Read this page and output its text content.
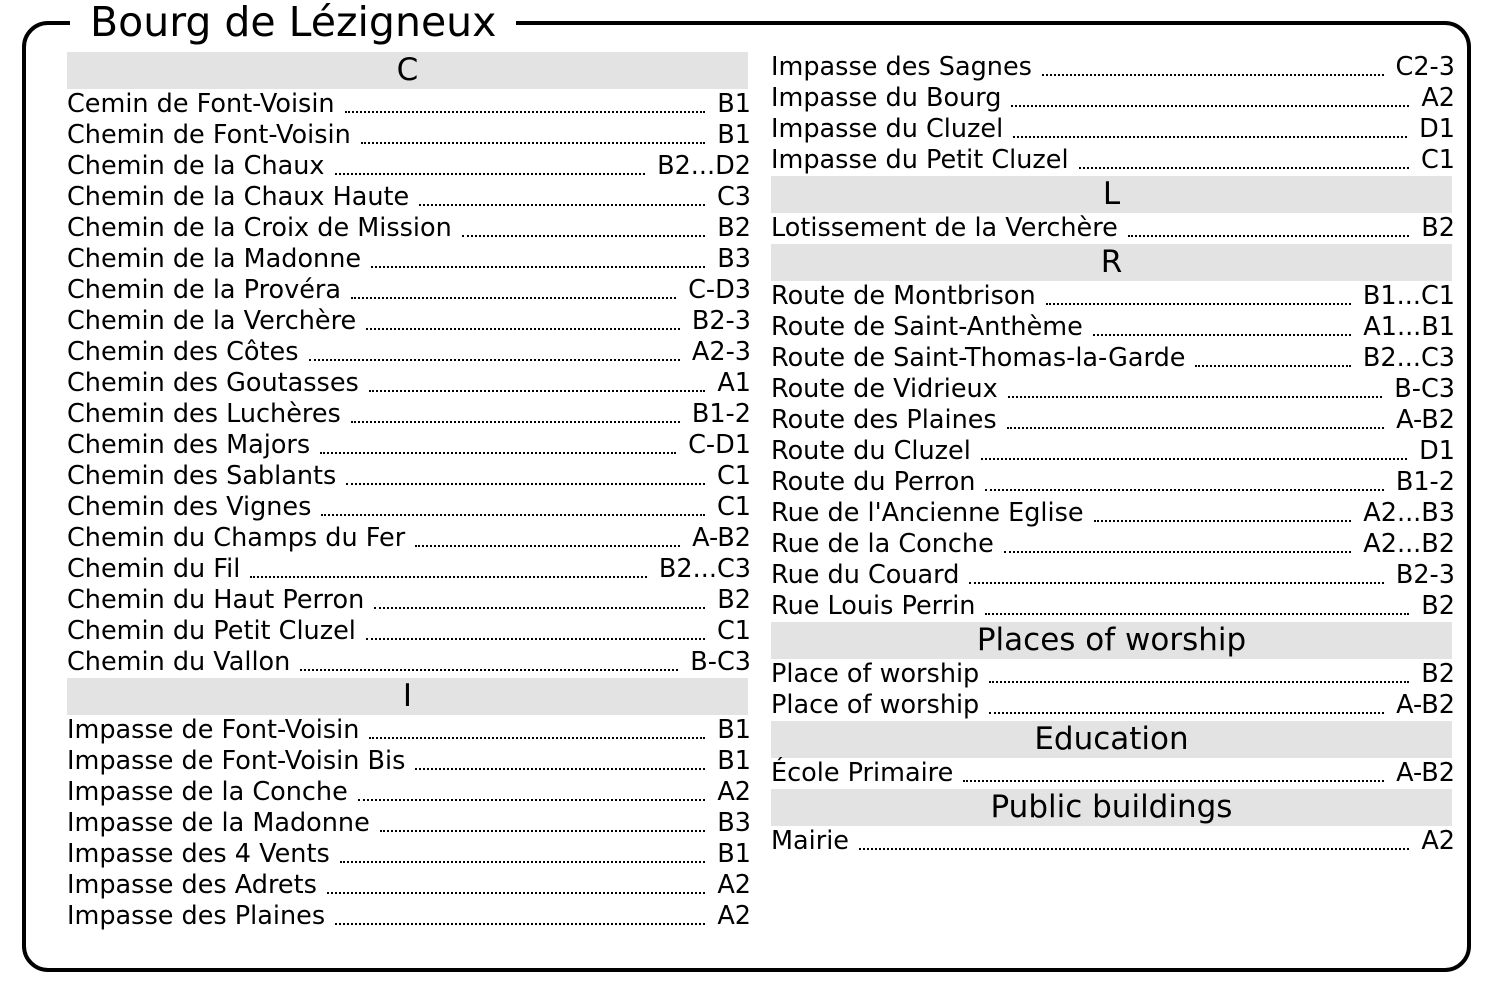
Bourg de Lézigneux
C
Cemin de Font-Voisin	B1
Chemin de Font-Voisin	B1
Chemin de la Chaux	B2...D2
Chemin de la Chaux Haute	C3
Chemin de la Croix de Mission	B2
Chemin de la Madonne	B3
Chemin de la Provéra	C-D3
Chemin de la Verchère	B2-3
Chemin des Côtes	A2-3
Chemin des Goutasses	A1
Chemin des Luchères	B1-2
Chemin des Majors	C-D1
Chemin des Sablants	C1
Chemin des Vignes	C1
Chemin du Champs du Fer	A-B2
Chemin du Fil	B2...C3
Chemin du Haut Perron	B2
Chemin du Petit Cluzel	C1
Chemin du Vallon	B-C3
I
Impasse de Font-Voisin	B1
Impasse de Font-Voisin Bis	B1
Impasse de la Conche	A2
Impasse de la Madonne	B3
Impasse des 4 Vents	B1
Impasse des Adrets	A2
Impasse des Plaines	A2
Impasse des Sagnes	C2-3
Impasse du Bourg	A2
Impasse du Cluzel	D1
Impasse du Petit Cluzel	C1
L
Lotissement de la Verchère	B2
R
Route de Montbrison	B1...C1
Route de Saint-Anthème	A1...B1
Route de Saint-Thomas-la-Garde	B2...C3
Route de Vidrieux	B-C3
Route des Plaines	A-B2
Route du Cluzel	D1
Route du Perron	B1-2
Rue de l'Ancienne Eglise	A2...B3
Rue de la Conche	A2...B2
Rue du Couard	B2-3
Rue Louis Perrin	B2
Places of worship
Place of worship	B2
Place of worship	A-B2
Education
École Primaire	A-B2
Public buildings
Mairie	A2
